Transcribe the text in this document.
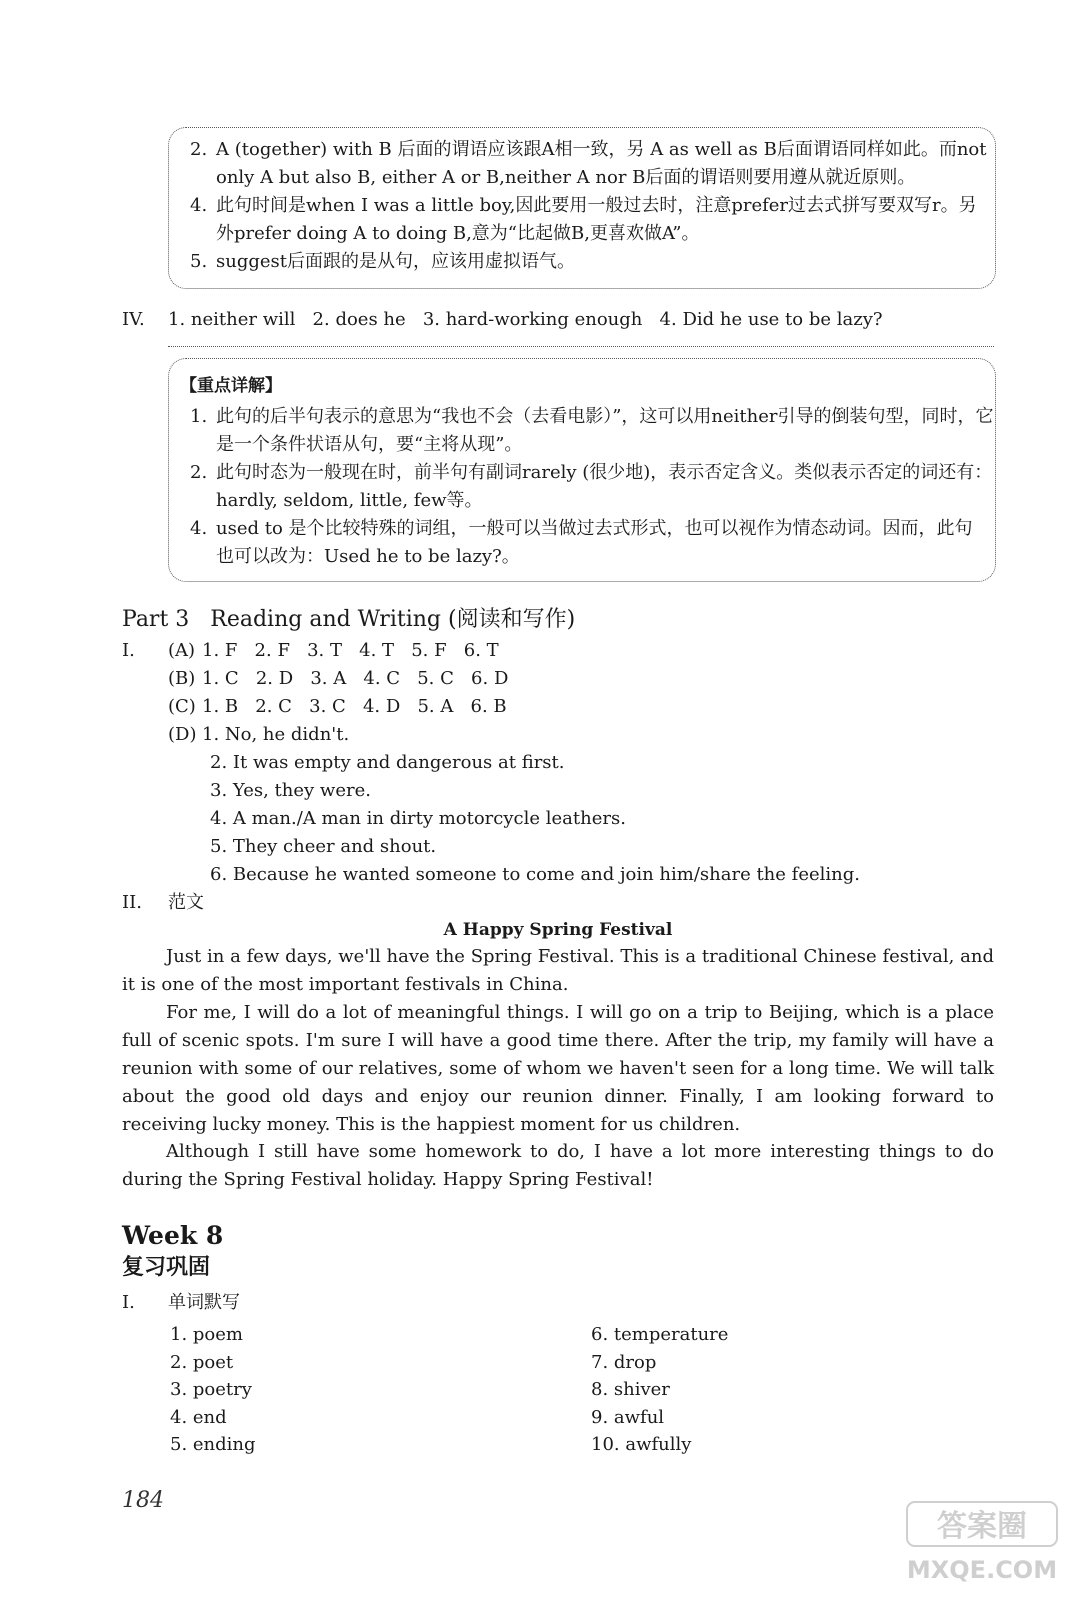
2. A (together) with B 后面的谓语应该跟A相一致，另 A as well as B后面谓语同样如此。而not
only A but also B, either A or B,neither A nor B后面的谓语则要用遵从就近原则。
4. 此句时间是when I was a little boy,因此要用一般过去时，注意prefer过去式拼写要双写r。另
外prefer doing A to doing B,意为“比起做B,更喜欢做A”。
5. suggest后面跟的是从句，应该用虚拟语气。
IV. 1. neither will   2. does he   3. hard-working enough   4. Did he use to be lazy?
【重点详解】
1. 此句的后半句表示的意思为“我也不会（去看电影）”，这可以用neither引导的倒装句型，同时，它
是一个条件状语从句，要“主将从现”。
2. 此句时态为一般现在时，前半句有副词rarely (很少地)，表示否定含义。类似表示否定的词还有：
hardly, seldom, little, few等。
4. used to 是个比较特殊的词组，一般可以当做过去式形式，也可以视作为情态动词。因而，此句
也可以改为：Used he to be lazy?。
Part 3   Reading and Writing (阅读和写作)
I. (A) 1. F   2. F   3. T   4. T   5. F   6. T
(B) 1. C   2. D   3. A   4. C   5. C   6. D
(C) 1. B   2. C   3. C   4. D   5. A   6. B
(D) 1. No, he didn't.
2. It was empty and dangerous at first.
3. Yes, they were.
4. A man./A man in dirty motorcycle leathers.
5. They cheer and shout.
6. Because he wanted someone to come and join him/share the feeling.
II. 范文
A Happy Spring Festival
Just in a few days, we'll have the Spring Festival. This is a traditional Chinese festival, and it is one of the most important festivals in China.
For me, I will do a lot of meaningful things. I will go on a trip to Beijing, which is a place full of scenic spots. I'm sure I will have a good time there. After the trip, my family will have a reunion with some of our relatives, some of whom we haven't seen for a long time. We will talk about the good old days and enjoy our reunion dinner. Finally, I am looking forward to receiving lucky money. This is the happiest moment for us children.
Although I still have some homework to do, I have a lot more interesting things to do during the Spring Festival holiday. Happy Spring Festival!
Week 8
复习巩固
I. 单词默写
1. poem
2. poet
3. poetry
4. end
5. ending
6. temperature
7. drop
8. shiver
9. awful
10. awfully
184
答案圈
MXQE.COM
